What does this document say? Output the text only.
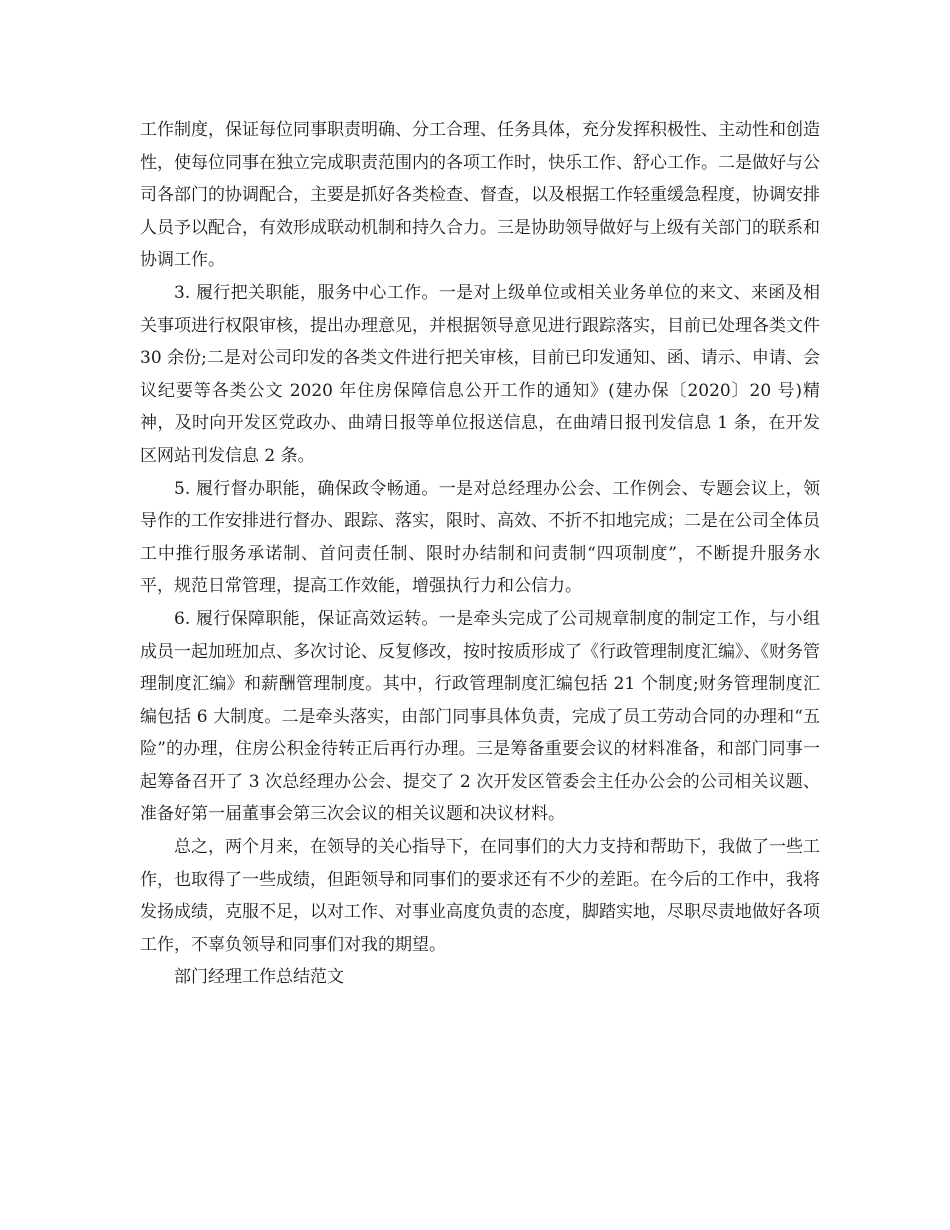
工作制度，保证每位同事职责明确、分工合理、任务具体，充分发挥积极性、主动性和创造性，使每位同事在独立完成职责范围内的各项工作时，快乐工作、舒心工作。二是做好与公司各部门的协调配合，主要是抓好各类检查、督查，以及根据工作轻重缓急程度，协调安排人员予以配合，有效形成联动机制和持久合力。三是协助领导做好与上级有关部门的联系和协调工作。

3. 履行把关职能，服务中心工作。一是对上级单位或相关业务单位的来文、来函及相关事项进行权限审核，提出办理意见，并根据领导意见进行跟踪落实，目前已处理各类文件 30 余份;二是对公司印发的各类文件进行把关审核，目前已印发通知、函、请示、申请、会议纪要等各类公文 2020 年住房保障信息公开工作的通知》(建办保〔2020〕20 号)精神，及时向开发区党政办、曲靖日报等单位报送信息，在曲靖日报刊发信息 1 条，在开发区网站刊发信息 2 条。

5. 履行督办职能，确保政令畅通。一是对总经理办公会、工作例会、专题会议上，领导作的工作安排进行督办、跟踪、落实，限时、高效、不折不扣地完成；二是在公司全体员工中推行服务承诺制、首问责任制、限时办结制和问责制“四项制度”，不断提升服务水平，规范日常管理，提高工作效能，增强执行力和公信力。

6. 履行保障职能，保证高效运转。一是牵头完成了公司规章制度的制定工作，与小组成员一起加班加点、多次讨论、反复修改，按时按质形成了《行政管理制度汇编》、《财务管理制度汇编》和薪酬管理制度。其中，行政管理制度汇编包括 21 个制度;财务管理制度汇编包括 6 大制度。二是牵头落实，由部门同事具体负责，完成了员工劳动合同的办理和“五险”的办理，住房公积金待转正后再行办理。三是筹备重要会议的材料准备，和部门同事一起筹备召开了 3 次总经理办公会、提交了 2 次开发区管委会主任办公会的公司相关议题、准备好第一届董事会第三次会议的相关议题和决议材料。

总之，两个月来，在领导的关心指导下，在同事们的大力支持和帮助下，我做了一些工作，也取得了一些成绩，但距领导和同事们的要求还有不少的差距。在今后的工作中，我将发扬成绩，克服不足，以对工作、对事业高度负责的态度，脚踏实地，尽职尽责地做好各项工作，不辜负领导和同事们对我的期望。

部门经理工作总结范文
